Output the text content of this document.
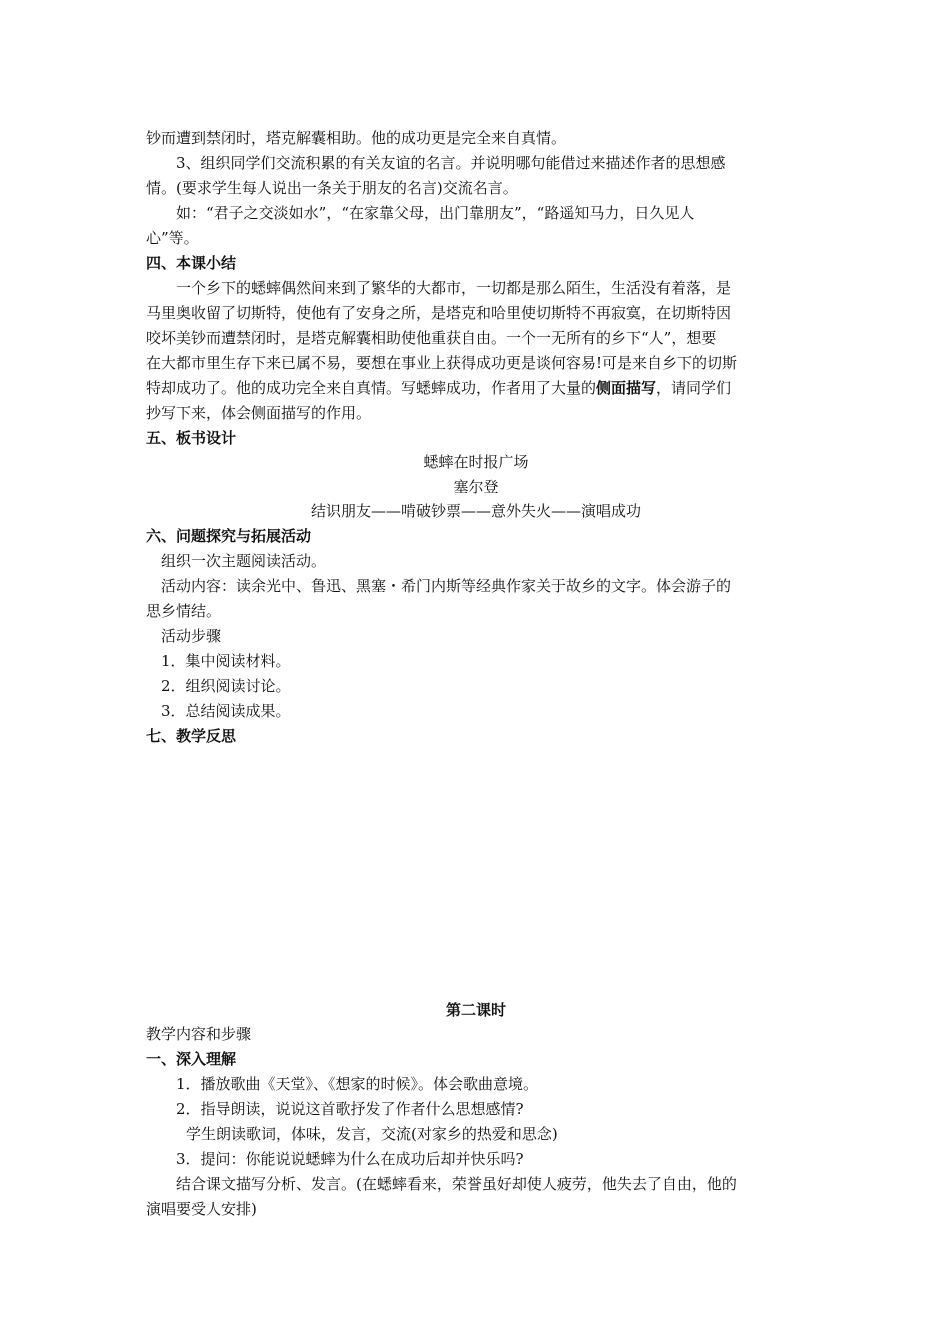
钞而遭到禁闭时，塔克解囊相助。他的成功更是完全来自真情。
3、组织同学们交流积累的有关友谊的名言。并说明哪句能借过来描述作者的思想感
情。(要求学生每人说出一条关于朋友的名言)交流名言。
如：“君子之交淡如水”，“在家靠父母，出门靠朋友”，“路遥知马力，日久见人
心”等。
四、本课小结
一个乡下的蟋蟀偶然间来到了繁华的大都市，一切都是那么陌生，生活没有着落，是
马里奥收留了切斯特，使他有了安身之所，是塔克和哈里使切斯特不再寂寞，在切斯特因
咬坏美钞而遭禁闭时，是塔克解囊相助使他重获自由。一个一无所有的乡下“人”，想要
在大都市里生存下来已属不易，要想在事业上获得成功更是谈何容易!可是来自乡下的切斯
特却成功了。他的成功完全来自真情。写蟋蟀成功，作者用了大量的侧面描写，请同学们
抄写下来，体会侧面描写的作用。
五、板书设计
蟋蟀在时报广场
塞尔登
结识朋友——啃破钞票——意外失火——演唱成功
六、问题探究与拓展活动
组织一次主题阅读活动。
活动内容：读余光中、鲁迅、黑塞・希门内斯等经典作家关于故乡的文字。体会游子的
思乡情结。
活动步骤
1．集中阅读材料。
2．组织阅读讨论。
3．总结阅读成果。
七、教学反思
第二课时
教学内容和步骤
一、深入理解
1．播放歌曲《天堂》、《想家的时候》。体会歌曲意境。
2．指导朗读，说说这首歌抒发了作者什么思想感情?
学生朗读歌词，体味，发言，交流(对家乡的热爱和思念)
3．提问：你能说说蟋蟀为什么在成功后却并快乐吗?
结合课文描写分析、发言。(在蟋蟀看来，荣誉虽好却使人疲劳，他失去了自由，他的
演唱要受人安排)
